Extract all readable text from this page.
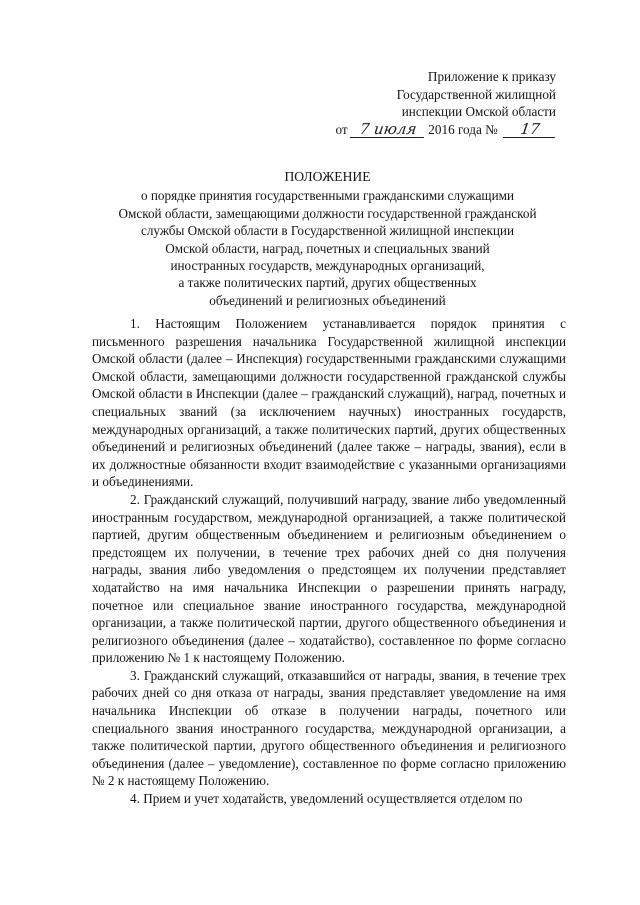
Приложение к приказу
Государственной жилищной
инспекции Омской области
от 7 июля 2016 года № 17
ПОЛОЖЕНИЕ
о порядке принятия государственными гражданскими служащими
Омской области, замещающими должности государственной гражданской
службы Омской области в Государственной жилищной инспекции
Омской области, наград, почетных и специальных званий
иностранных государств, международных организаций,
а также политических партий, других общественных
объединений и религиозных объединений

1. Настоящим Положением устанавливается порядок принятия с письменного разрешения начальника Государственной жилищной инспекции Омской области (далее – Инспекция) государственными гражданскими служащими Омской области, замещающими должности государственной гражданской службы Омской области в Инспекции (далее – гражданский служащий), наград, почетных и специальных званий (за исключением научных) иностранных государств, международных организаций, а также политических партий, других общественных объединений и религиозных объединений (далее также – награды, звания), если в их должностные обязанности входит взаимодействие с указанными организациями и объединениями.

2. Гражданский служащий, получивший награду, звание либо уведомленный иностранным государством, международной организацией, а также политической партией, другим общественным объединением и религиозным объединением о предстоящем их получении, в течение трех рабочих дней со дня получения награды, звания либо уведомления о предстоящем их получении представляет ходатайство на имя начальника Инспекции о разрешении принять награду, почетное или специальное звание иностранного государства, международной организации, а также политической партии, другого общественного объединения и религиозного объединения (далее – ходатайство), составленное по форме согласно приложению № 1 к настоящему Положению.

3. Гражданский служащий, отказавшийся от награды, звания, в течение трех рабочих дней со дня отказа от награды, звания представляет уведомление на имя начальника Инспекции об отказе в получении награды, почетного или специального звания иностранного государства, международной организации, а также политической партии, другого общественного объединения и религиозного объединения (далее – уведомление), составленное по форме согласно приложению № 2 к настоящему Положению.

4. Прием и учет ходатайств, уведомлений осуществляется отделом по
